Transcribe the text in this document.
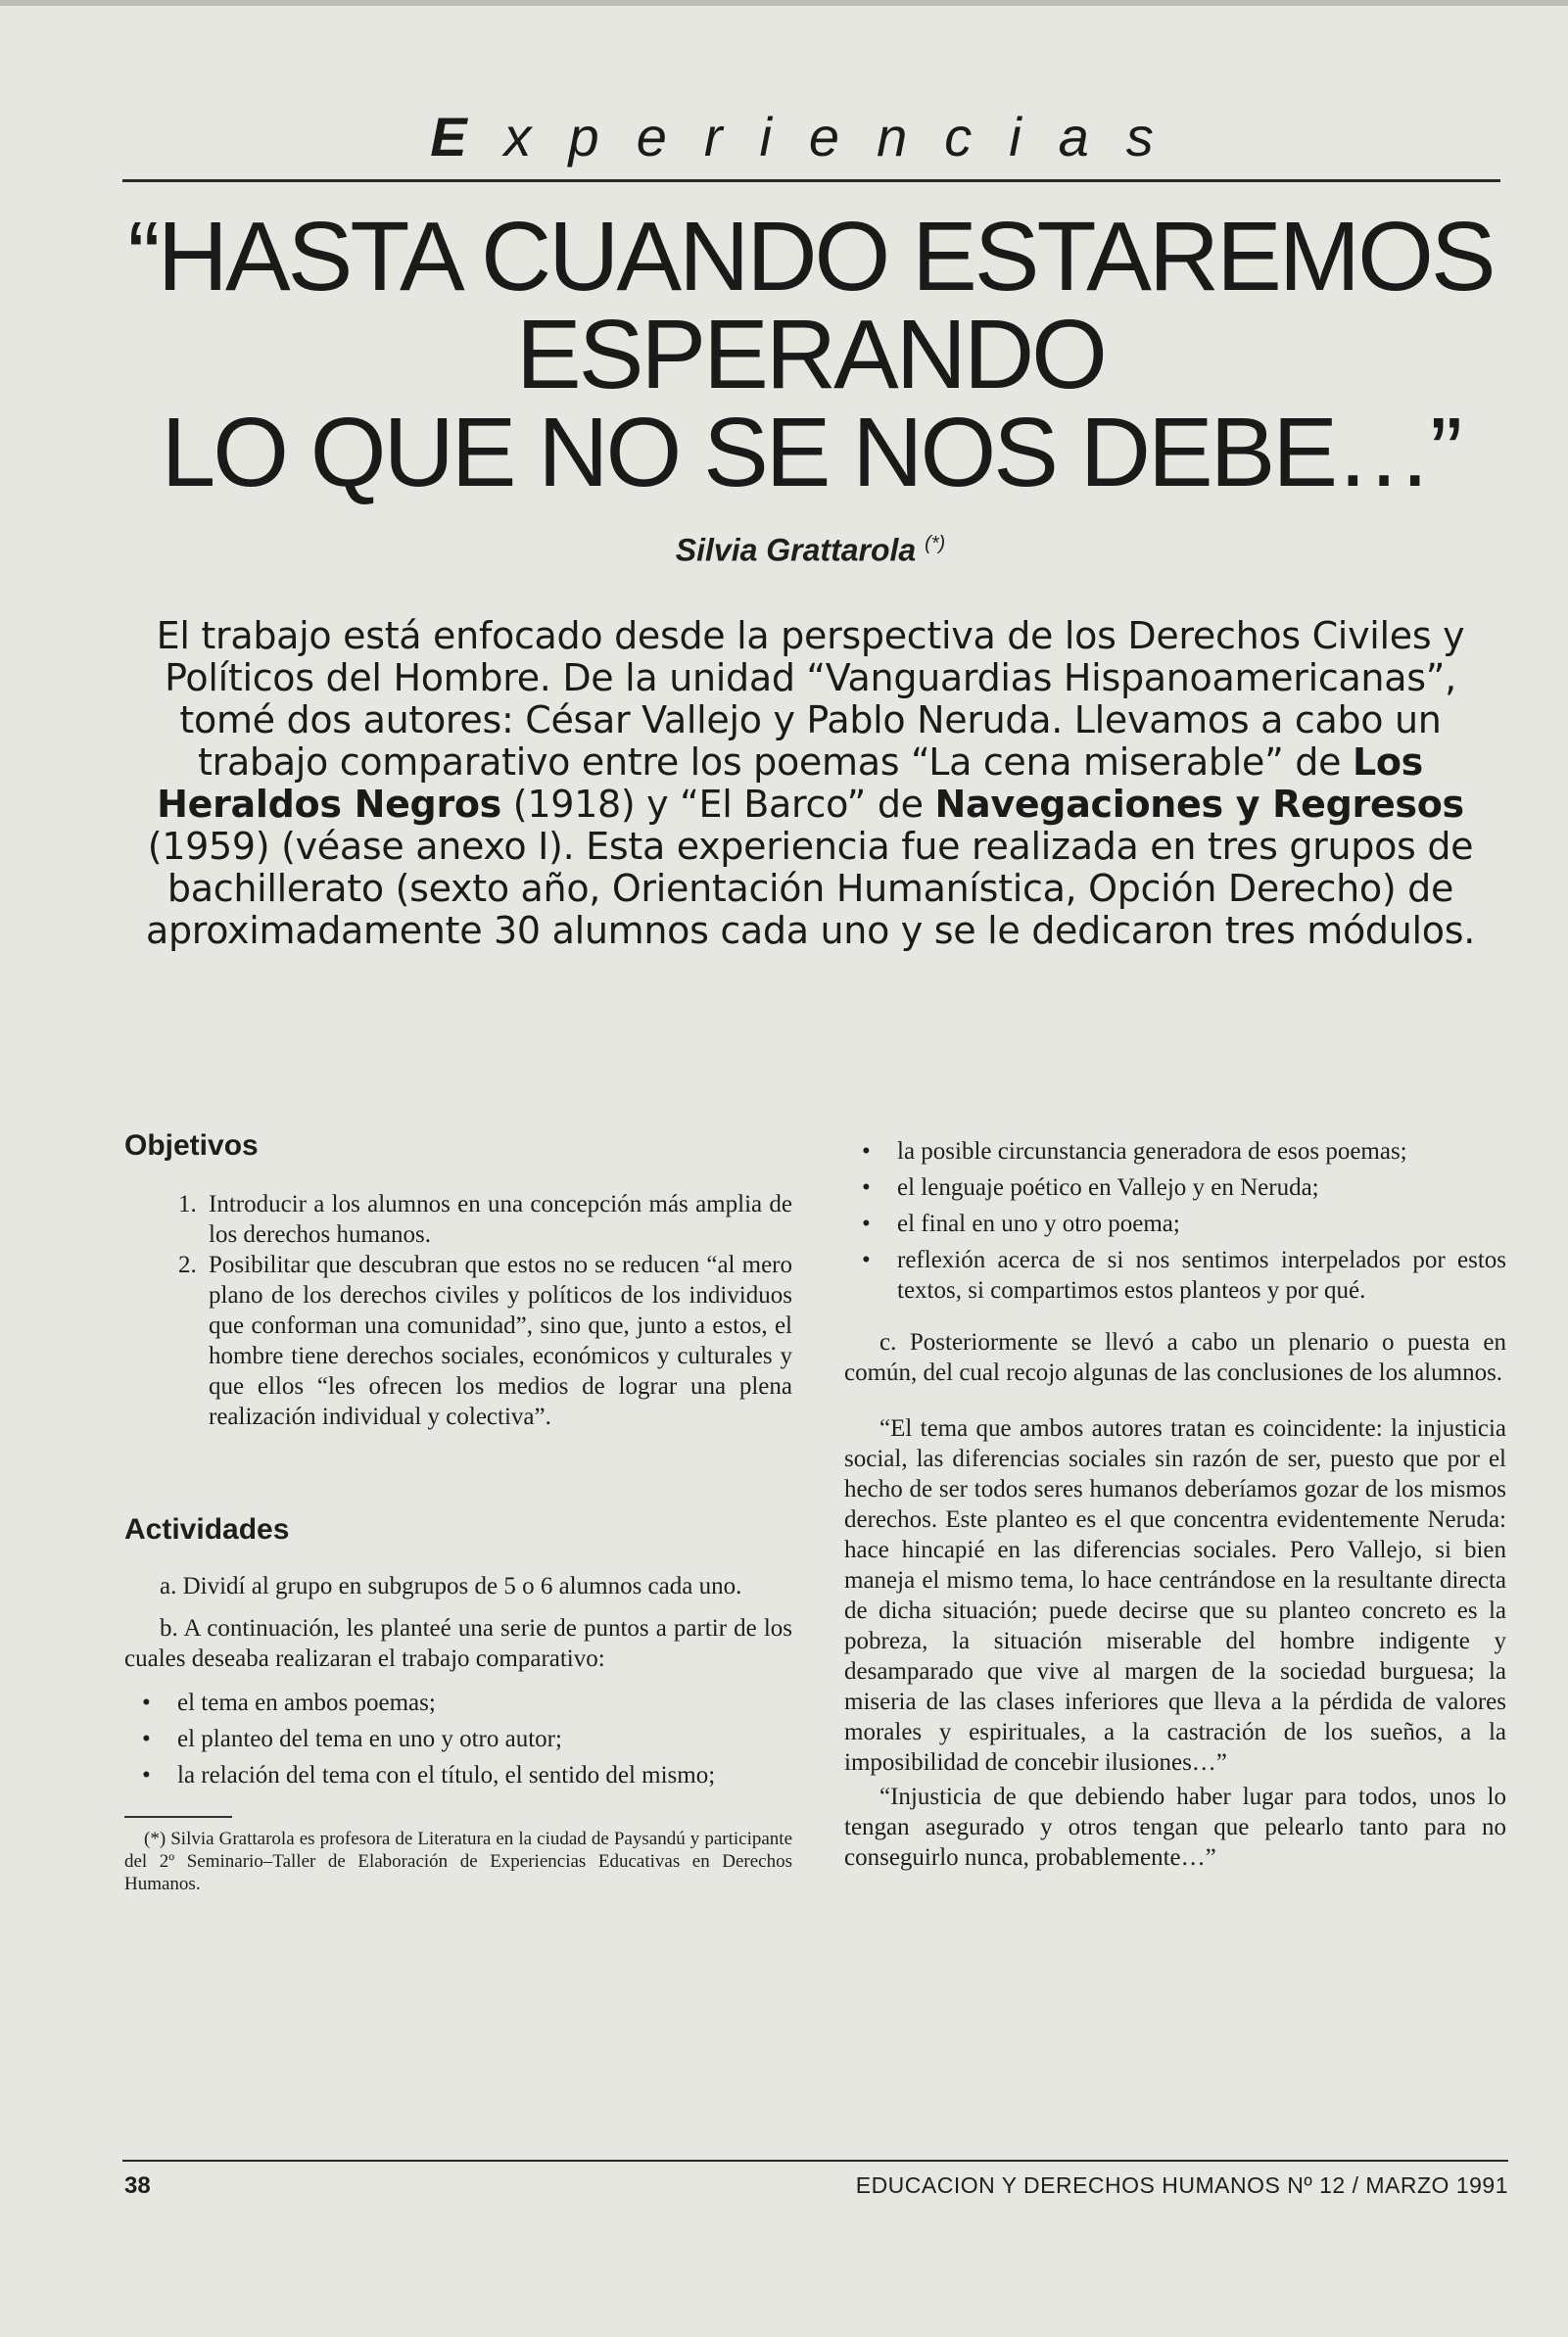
Experiencias
“HASTA CUANDO ESTAREMOS
ESPERANDO
LO QUE NO SE NOS DEBE…”
Silvia Grattarola (*)
El trabajo está enfocado desde la perspectiva de los Derechos Civiles y Políticos del Hombre. De la unidad “Vanguardias Hispanoamericanas”, tomé dos autores: César Vallejo y Pablo Neruda. Llevamos a cabo un trabajo comparativo entre los poemas “La cena miserable” de Los Heraldos Negros (1918) y “El Barco” de Navegaciones y Regresos (1959) (véase anexo I). Esta experiencia fue realizada en tres grupos de bachillerato (sexto año, Orientación Humanística, Opción Derecho) de aproximadamente 30 alumnos cada uno y se le dedicaron tres módulos.
Objetivos
1. Introducir a los alumnos en una concepción más amplia de los derechos humanos.
2. Posibilitar que descubran que estos no se reducen “al mero plano de los derechos civiles y políticos de los individuos que conforman una comunidad”, sino que, junto a estos, el hombre tiene derechos sociales, económicos y culturales y que ellos “les ofrecen los medios de lograr una plena realización individual y colectiva”.
Actividades

a. Dividí al grupo en subgrupos de 5 o 6 alumnos cada uno.

b. A continuación, les planteé una serie de puntos a partir de los cuales deseaba realizaran el trabajo comparativo:

• el tema en ambos poemas;
• el planteo del tema en uno y otro autor;
• la relación del tema con el título, el sentido del mismo;

(*) Silvia Grattarola es profesora de Literatura en la ciudad de Paysandú y participante del 2º Seminario–Taller de Elaboración de Experiencias Educativas en Derechos Humanos.

• la posible circunstancia generadora de esos poemas;
• el lenguaje poético en Vallejo y en Neruda;
• el final en uno y otro poema;
• reflexión acerca de si nos sentimos interpelados por estos textos, si compartimos estos planteos y por qué.

c. Posteriormente se llevó a cabo un plenario o puesta en común, del cual recojo algunas de las conclusiones de los alumnos.

“El tema que ambos autores tratan es coincidente: la injusticia social, las diferencias sociales sin razón de ser, puesto que por el hecho de ser todos seres humanos deberíamos gozar de los mismos derechos. Este planteo es el que concentra evidentemente Neruda: hace hincapié en las diferencias sociales. Pero Vallejo, si bien maneja el mismo tema, lo hace centrándose en la resultante directa de dicha situación; puede decirse que su planteo concreto es la pobreza, la situación miserable del hombre indigente y desamparado que vive al margen de la sociedad burguesa; la miseria de las clases inferiores que lleva a la pérdida de valores morales y espirituales, a la castración de los sueños, a la imposibilidad de concebir ilusiones…”

“Injusticia de que debiendo haber lugar para todos, unos lo tengan asegurado y otros tengan que pelearlo tanto para no conseguirlo nunca, probablemente…”

38	EDUCACION Y DERECHOS HUMANOS Nº 12 / MARZO 1991
